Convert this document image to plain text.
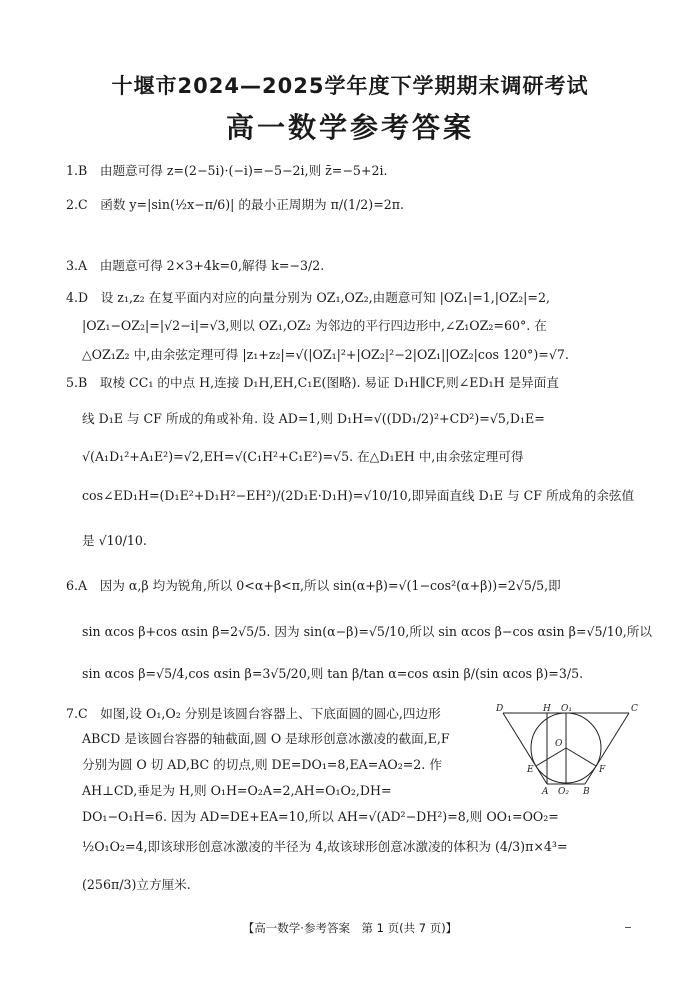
十堰市2024—2025学年度下学期期末调研考试
高一数学参考答案
1.B　由题意可得 z=(2−5i)·(−i)=−5−2i,则 z̄=−5+2i.
2.C　函数 y=|sin(½x−π/6)| 的最小正周期为 π/(1/2)=2π.
3.A　由题意可得 2×3+4k=0,解得 k=−3/2.
4.D　设 z₁,z₂ 在复平面内对应的向量分别为 OZ₁,OZ₂,由题意可知 |OZ₁|=1,|OZ₂|=2,
|OZ₁−OZ₂|=|√2−i|=√3,则以 OZ₁,OZ₂ 为邻边的平行四边形中,∠Z₁OZ₂=60°. 在
△OZ₁Z₂ 中,由余弦定理可得 |z₁+z₂|=√(|OZ₁|²+|OZ₂|²−2|OZ₁||OZ₂|cos 120°)=√7.
5.B　取棱 CC₁ 的中点 H,连接 D₁H,EH,C₁E(图略). 易证 D₁H∥CF,则∠ED₁H 是异面直
线 D₁E 与 CF 所成的角或补角. 设 AD=1,则 D₁H=√((DD₁/2)²+CD²)=√5,D₁E=
√(A₁D₁²+A₁E²)=√2,EH=√(C₁H²+C₁E²)=√5. 在△D₁EH 中,由余弦定理可得
cos∠ED₁H=(D₁E²+D₁H²−EH²)/(2D₁E·D₁H)=√10/10,即异面直线 D₁E 与 CF 所成角的余弦值
是 √10/10.
6.A　因为 α,β 均为锐角,所以 0<α+β<π,所以 sin(α+β)=√(1−cos²(α+β))=2√5/5,即
sin αcos β+cos αsin β=2√5/5. 因为 sin(α−β)=√5/10,所以 sin αcos β−cos αsin β=√5/10,所以
sin αcos β=√5/4,cos αsin β=3√5/20,则 tan β/tan α=cos αsin β/(sin αcos β)=3/5.
7.C　如图,设 O₁,O₂ 分别是该圆台容器上、下底面圆的圆心,四边形
ABCD 是该圆台容器的轴截面,圆 O 是球形创意冰激凌的截面,E,F
分别为圆 O 切 AD,BC 的切点,则 DE=DO₁=8,EA=AO₂=2. 作
AH⊥CD,垂足为 H,则 O₁H=O₂A=2,AH=O₁O₂,DH=
DO₁−O₁H=6. 因为 AD=DE+EA=10,所以 AH=√(AD²−DH²)=8,则 OO₁=OO₂=
½O₁O₂=4,即该球形创意冰激凌的半径为 4,故该球形创意冰激凌的体积为 (4/3)π×4³=
(256π/3)立方厘米.
D	H O₁	C
O
E	F
A O₂ B
【高一数学·参考答案　第 1 页(共 7 页)】
